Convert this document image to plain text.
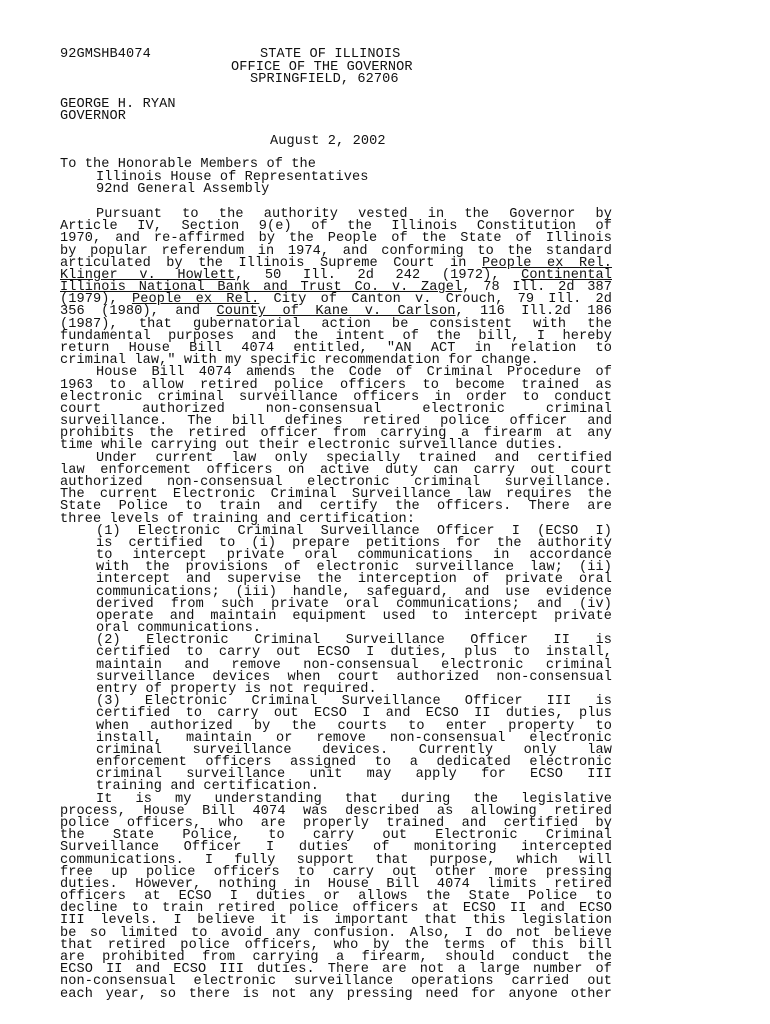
92GMSHB4074	STATE OF ILLINOIS
OFFICE OF THE GOVERNOR
SPRINGFIELD, 62706
GEORGE H. RYAN
GOVERNOR
August 2, 2002
To the Honorable Members of the
Illinois House of Representatives
92nd General Assembly
Pursuant to the authority vested in the Governor by
Article IV, Section 9(e) of the Illinois Constitution of
1970, and re-affirmed by the People of the State of Illinois
by popular referendum in 1974, and conforming to the standard
articulated by the Illinois Supreme Court in People ex Rel.
Klinger v. Howlett, 50 Ill. 2d 242 (1972), Continental
Illinois National Bank and Trust Co. v. Zagel, 78 Ill. 2d 387
(1979), People ex Rel. City of Canton v. Crouch, 79 Ill. 2d
356 (1980), and County of Kane v. Carlson, 116 Ill.2d 186
(1987), that gubernatorial action be consistent with the
fundamental purposes and the intent of the bill, I hereby
return House Bill 4074 entitled, "AN ACT in relation to
criminal law," with my specific recommendation for change.
House Bill 4074 amends the Code of Criminal Procedure of
1963 to allow retired police officers to become trained as
electronic criminal surveillance officers in order to conduct
court authorized non-consensual electronic criminal
surveillance. The bill defines retired police officer and
prohibits the retired officer from carrying a firearm at any
time while carrying out their electronic surveillance duties.
Under current law only specially trained and certified
law enforcement officers on active duty can carry out court
authorized non-consensual electronic criminal surveillance.
The current Electronic Criminal Surveillance law requires the
State Police to train and certify the officers. There are
three levels of training and certification:
(1) Electronic Criminal Surveillance Officer I (ECSO I)
is certified to (i) prepare petitions for the authority
to intercept private oral communications in accordance
with the provisions of electronic surveillance law; (ii)
intercept and supervise the interception of private oral
communications; (iii) handle, safeguard, and use evidence
derived from such private oral communications; and (iv)
operate and maintain equipment used to intercept private
oral communications.
(2) Electronic Criminal Surveillance Officer II is
certified to carry out ECSO I duties, plus to install,
maintain and remove non-consensual electronic criminal
surveillance devices when court authorized non-consensual
entry of property is not required.
(3) Electronic Criminal Surveillance Officer III is
certified to carry out ECSO I and ECSO II duties, plus
when authorized by the courts to enter property to
install, maintain or remove non-consensual electronic
criminal surveillance devices. Currently only law
enforcement officers assigned to a dedicated electronic
criminal surveillance unit may apply for ECSO III
training and certification.
It is my understanding that during the legislative
process, House Bill 4074 was described as allowing retired
police officers, who are properly trained and certified by
the State Police, to carry out Electronic Criminal
Surveillance Officer I duties of monitoring intercepted
communications. I fully support that purpose, which will
free up police officers to carry out other more pressing
duties. However, nothing in House Bill 4074 limits retired
officers at ECSO I duties or allows the State Police to
decline to train retired police officers at ECSO II and ECSO
III levels. I believe it is important that this legislation
be so limited to avoid any confusion. Also, I do not believe
that retired police officers, who by the terms of this bill
are prohibited from carrying a firearm, should conduct the
ECSO II and ECSO III duties. There are not a large number of
non-consensual electronic surveillance operations carried out
each year, so there is not any pressing need for anyone other
